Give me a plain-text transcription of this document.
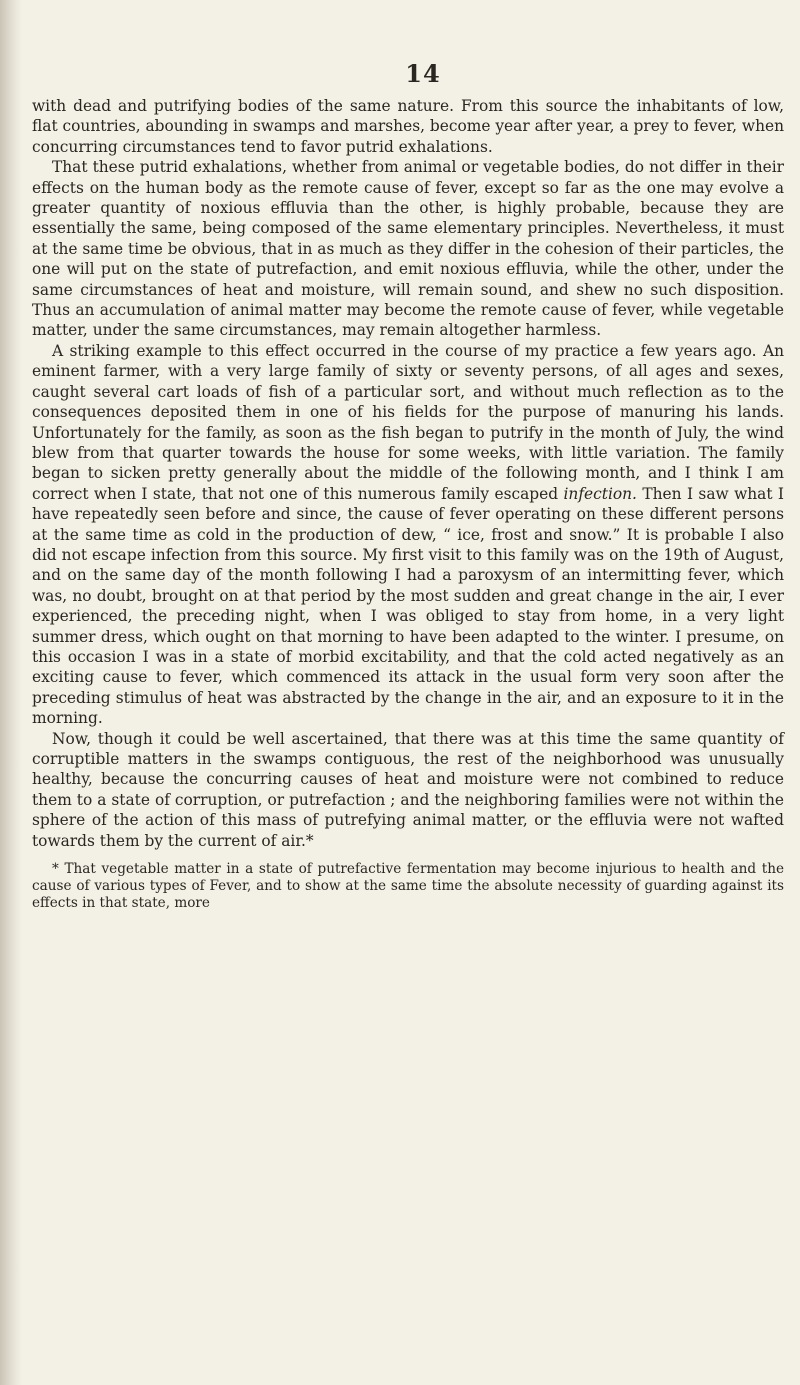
14

with dead and putrifying bodies of the same nature. From this source the inhabitants of low, flat countries, abounding in swamps and marshes, become year after year, a prey to fever, when concurring circumstances tend to favor putrid exhalations.

That these putrid exhalations, whether from animal or vegetable bodies, do not differ in their effects on the human body as the remote cause of fever, except so far as the one may evolve a greater quantity of noxious effluvia than the other, is highly probable, because they are essentially the same, being composed of the same elementary principles. Nevertheless, it must at the same time be obvious, that in as much as they differ in the cohesion of their particles, the one will put on the state of putrefaction, and emit noxious effluvia, while the other, under the same circumstances of heat and moisture, will remain sound, and shew no such disposition. Thus an accumulation of animal matter may become the remote cause of fever, while vegetable matter, under the same circumstances, may remain altogether harmless.

A striking example to this effect occurred in the course of my practice a few years ago. An eminent farmer, with a very large family of sixty or seventy persons, of all ages and sexes, caught several cart loads of fish of a particular sort, and without much reflection as to the consequences deposited them in one of his fields for the purpose of manuring his lands. Unfortunately for the family, as soon as the fish began to putrify in the month of July, the wind blew from that quarter towards the house for some weeks, with little variation. The family began to sicken pretty generally about the middle of the following month, and I think I am correct when I state, that not one of this numerous family escaped infection. Then I saw what I have repeatedly seen before and since, the cause of fever operating on these different persons at the same time as cold in the production of dew, “ ice, frost and snow.” It is probable I also did not escape infection from this source. My first visit to this family was on the 19th of August, and on the same day of the month following I had a paroxysm of an intermitting fever, which was, no doubt, brought on at that period by the most sudden and great change in the air, I ever experienced, the preceding night, when I was obliged to stay from home, in a very light summer dress, which ought on that morning to have been adapted to the winter. I presume, on this occasion I was in a state of morbid excitability, and that the cold acted negatively as an exciting cause to fever, which commenced its attack in the usual form very soon after the preceding stimulus of heat was abstracted by the change in the air, and an exposure to it in the morning.

Now, though it could be well ascertained, that there was at this time the same quantity of corruptible matters in the swamps contiguous, the rest of the neighborhood was unusually healthy, because the concurring causes of heat and moisture were not combined to reduce them to a state of corruption, or putrefaction ; and the neighboring families were not within the sphere of the action of this mass of putrefying animal matter, or the effluvia were not wafted towards them by the current of air.*

* That vegetable matter in a state of putrefactive fermentation may become injurious to health and the cause of various types of Fever, and to show at the same time the absolute necessity of guarding against its effects in that state, more
